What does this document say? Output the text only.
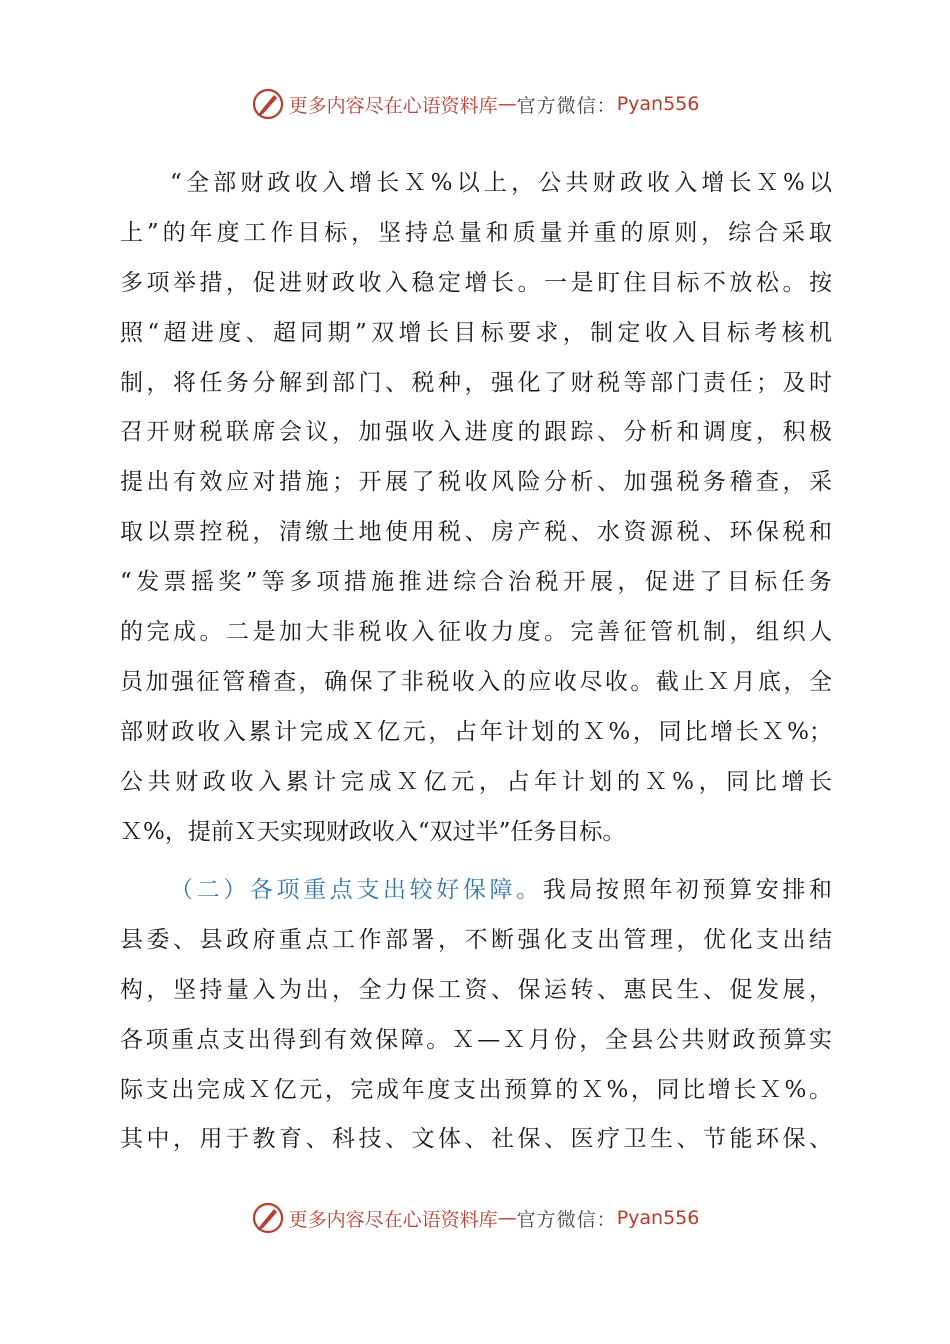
更多内容尽在心语资料库 — 官方微信： Pyan556
“全部财政收入增长Ｘ%以上，公共财政收入增长Ｘ%以
上”的年度工作目标，坚持总量和质量并重的原则，综合采取
多项举措，促进财政收入稳定增长。一是盯住目标不放松。按
照“超进度、超同期”双增长目标要求，制定收入目标考核机
制，将任务分解到部门、税种，强化了财税等部门责任；及时
召开财税联席会议，加强收入进度的跟踪、分析和调度，积极
提出有效应对措施；开展了税收风险分析、加强税务稽查，采
取以票控税，清缴土地使用税、房产税、水资源税、环保税和
“发票摇奖”等多项措施推进综合治税开展，促进了目标任务
的完成。二是加大非税收入征收力度。完善征管机制，组织人
员加强征管稽查，确保了非税收入的应收尽收。截止Ｘ月底，全
部财政收入累计完成Ｘ亿元，占年计划的Ｘ%，同比增长Ｘ%；
公共财政收入累计完成Ｘ亿元，占年计划的Ｘ%，同比增长
Ｘ%，提前Ｘ天实现财政收入“双过半”任务目标。
（二）各项重点支出较好保障。我局按照年初预算安排和
县委、县政府重点工作部署，不断强化支出管理，优化支出结
构，坚持量入为出，全力保工资、保运转、惠民生、促发展，
各项重点支出得到有效保障。Ｘ—Ｘ月份，全县公共财政预算实
际支出完成Ｘ亿元，完成年度支出预算的Ｘ%，同比增长Ｘ%。
其中，用于教育、科技、文体、社保、医疗卫生、节能环保、
更多内容尽在心语资料库 — 官方微信： Pyan556
